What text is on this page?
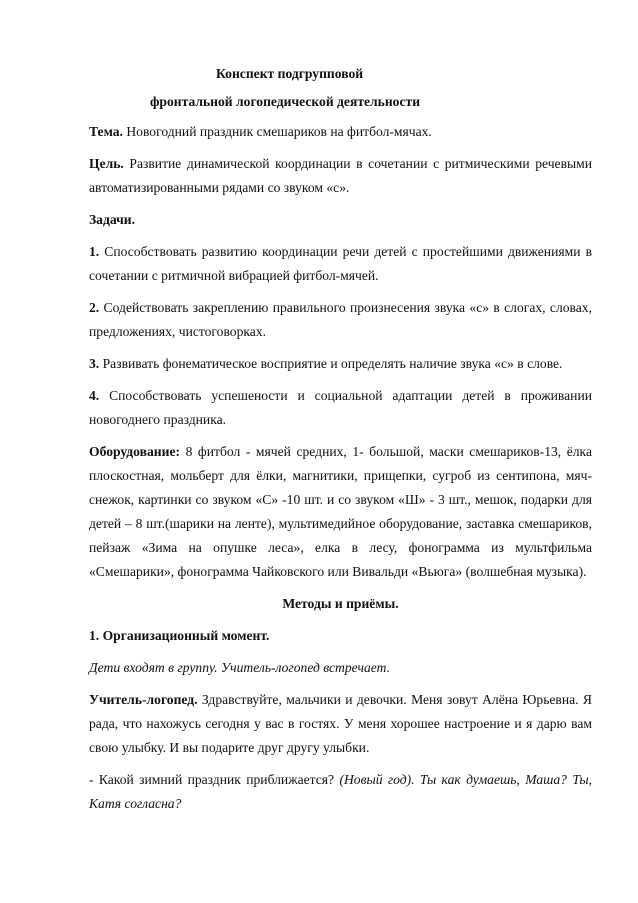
Конспект подгрупповой
фронтальной логопедической деятельности

Тема. Новогодний праздник смешариков на фитбол-мячах.

Цель. Развитие динамической координации в сочетании с ритмическими речевыми автоматизированными рядами со звуком «с».

Задачи.

1. Способствовать развитию координации речи детей с простейшими движениями в сочетании с ритмичной вибрацией фитбол-мячей.

2. Содействовать закреплению правильного произнесения звука «с» в слогах, словах, предложениях, чистоговорках.

3. Развивать фонематическое восприятие и определять наличие звука «с» в слове.

4. Способствовать успешености и социальной адаптации детей в проживании новогоднего праздника.

Оборудование: 8 фитбол - мячей средних, 1- большой, маски смешариков-13, ёлка плоскостная, мольберт для ёлки, магнитики, прищепки, сугроб из сентипона, мяч-снежок, картинки со звуком «С» -10 шт. и со звуком «Ш» - 3 шт., мешок, подарки для детей – 8 шт.(шарики на ленте), мультимедийное оборудование, заставка смешариков, пейзаж «Зима на опушке леса», елка в лесу, фонограмма из мультфильма «Смешарики», фонограмма Чайковского или Вивальди «Вьюга» (волшебная музыка).

Методы и приёмы.

1. Организационный момент.

Дети входят в группу. Учитель-логопед встречает.

Учитель-логопед. Здравствуйте, мальчики и девочки. Меня зовут Алёна Юрьевна. Я рада, что нахожусь сегодня у вас в гостях. У меня хорошее настроение и я дарю вам свою улыбку. И вы подарите друг другу улыбки.

- Какой зимний праздник приближается? (Новый год). Ты как думаешь, Маша? Ты, Катя согласна?
